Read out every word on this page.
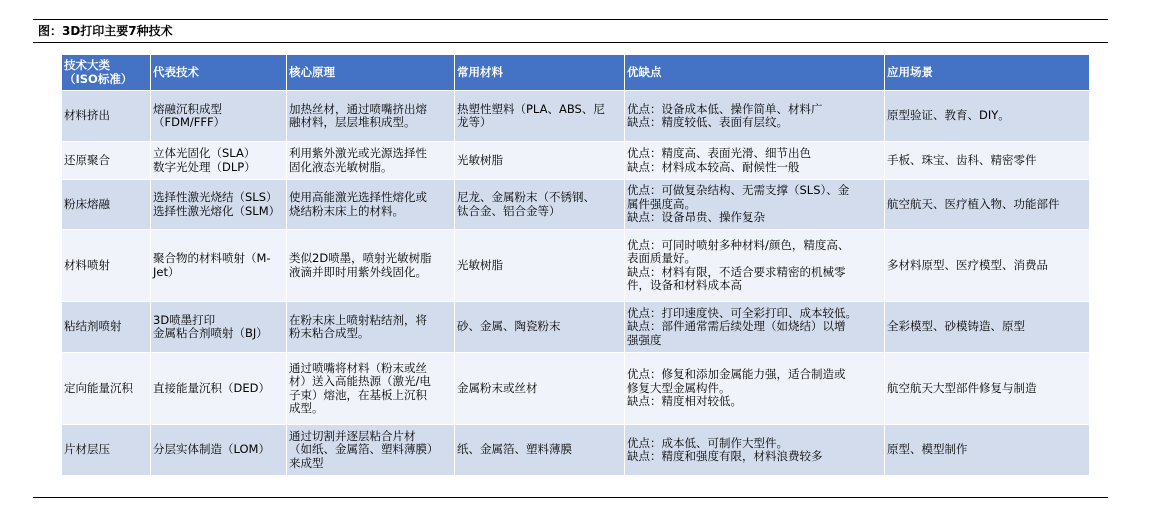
图：3D打印主要7种技术
技术大类
（ISO标准）	代表技术	核心原理	常用材料	优缺点	应用场景

材料挤出	熔融沉积成型
（FDM/FFF）	加热丝材，通过喷嘴挤出熔
融材料，层层堆积成型。	热塑性塑料（PLA、ABS、尼
龙等）	优点：设备成本低、操作简单、材料广
缺点：精度较低、表面有层纹。	原型验证、教育、DIY。

还原聚合	立体光固化（SLA）
数字光处理（DLP）	利用紫外激光或光源选择性
固化液态光敏树脂。	光敏树脂	优点：精度高、表面光滑、细节出色
缺点：材料成本较高、耐候性一般	手板、珠宝、齿科、精密零件

粉床熔融	选择性激光烧结（SLS）
选择性激光熔化（SLM）	使用高能激光选择性熔化或
烧结粉末床上的材料。	尼龙、金属粉末（不锈钢、
钛合金、铝合金等）	优点：可做复杂结构、无需支撑（SLS）、金
属件强度高。
缺点：设备昂贵、操作复杂	航空航天、医疗植入物、功能部件

材料喷射	聚合物的材料喷射（M-
Jet）	类似2D喷墨，喷射光敏树脂
液滴并即时用紫外线固化。	光敏树脂	优点：可同时喷射多种材料/颜色，精度高、
表面质量好。
缺点：材料有限，不适合要求精密的机械零
件，设备和材料成本高	多材料原型、医疗模型、消费品

粘结剂喷射	3D喷墨打印
金属粘合剂喷射（BJ）	在粉末床上喷射粘结剂，将
粉末粘合成型。	砂、金属、陶瓷粉末	优点：打印速度快、可全彩打印、成本较低。
缺点：部件通常需后续处理（如烧结）以增
强强度	全彩模型、砂模铸造、原型

定向能量沉积	直接能量沉积（DED）	通过喷嘴将材料（粉末或丝
材）送入高能热源（激光/电
子束）熔池，在基板上沉积
成型。	金属粉末或丝材	优点：修复和添加金属能力强，适合制造或
修复大型金属构件。
缺点：精度相对较低。	航空航天大型部件修复与制造

片材层压	分层实体制造（LOM）	通过切割并逐层粘合片材
（如纸、金属箔、塑料薄膜）
来成型	纸、金属箔、塑料薄膜	优点：成本低、可制作大型件。
缺点：精度和强度有限，材料浪费较多	原型、模型制作
